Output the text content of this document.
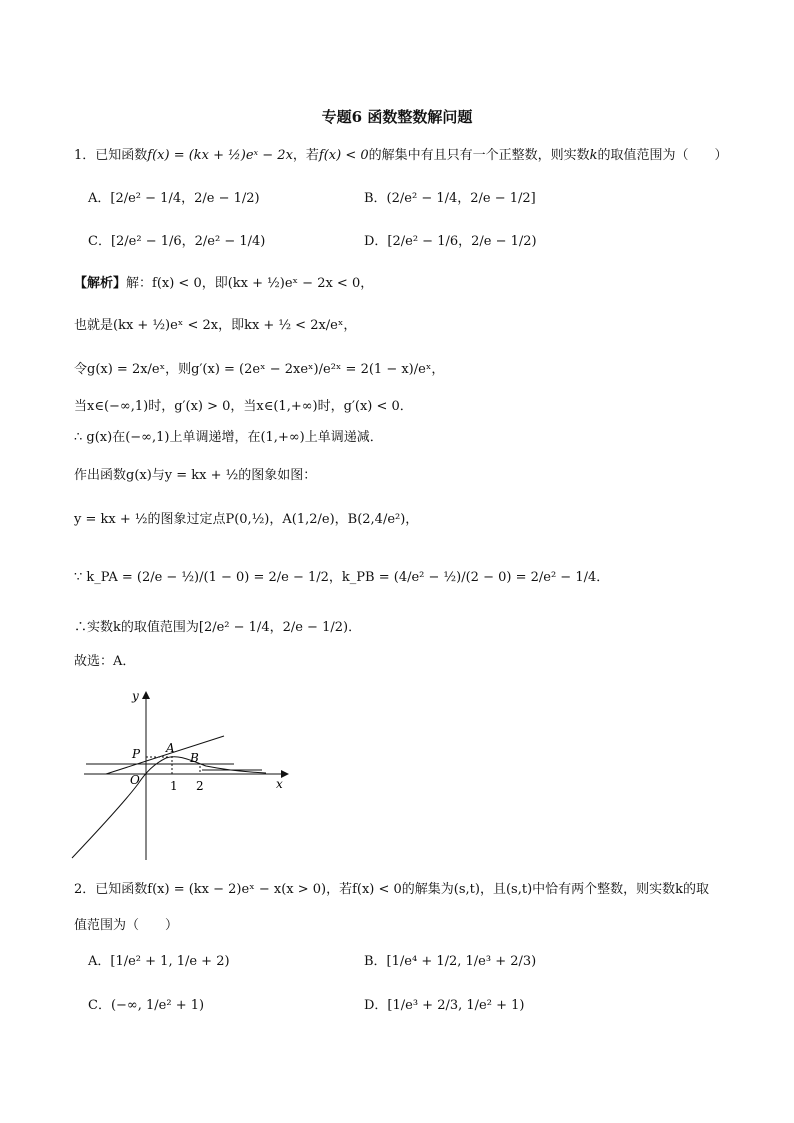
专题6 函数整数解问题
1．已知函数f(x) = (kx + ½)eˣ − 2x，若f(x) < 0的解集中有且只有一个正整数，则实数k的取值范围为（　　）
A．[2/e² − 1/4，2/e − 1/2)	B．(2/e² − 1/4，2/e − 1/2]
C．[2/e² − 1/6，2/e² − 1/4)	D．[2/e² − 1/6，2/e − 1/2)
【解析】解：f(x) < 0，即(kx + ½)eˣ − 2x < 0，
也就是(kx + ½)eˣ < 2x，即kx + ½ < 2x/eˣ，
令g(x) = 2x/eˣ，则g′(x) = (2eˣ − 2xeˣ)/e²ˣ = 2(1 − x)/eˣ，
当x∈(−∞,1)时，g′(x) > 0，当x∈(1,+∞)时，g′(x) < 0．
∴ g(x)在(−∞,1)上单调递增，在(1,+∞)上单调递减．
作出函数g(x)与y = kx + ½的图象如图：
y = kx + ½的图象过定点P(0,½)，A(1,2/e)，B(2,4/e²)，
∵ k_PA = (2/e − ½)/(1 − 0) = 2/e − 1/2，k_PB = (4/e² − ½)/(2 − 0) = 2/e² − 1/4．
∴实数k的取值范围为[2/e² − 1/4，2/e − 1/2)．
故选：A．
y
x
O
P A
B
1 2
2．已知函数f(x) = (kx − 2)eˣ − x(x > 0)，若f(x) < 0的解集为(s,t)，且(s,t)中恰有两个整数，则实数k的取
值范围为（　　）
A．[1/e² + 1, 1/e + 2)	B．[1/e⁴ + 1/2, 1/e³ + 2/3)
C．(−∞, 1/e² + 1)	D．[1/e³ + 2/3, 1/e² + 1)
